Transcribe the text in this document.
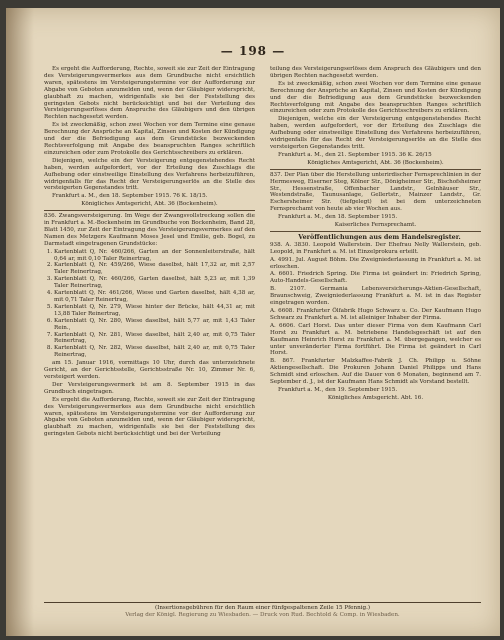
— 198 —

Es ergeht die Aufforderung, Rechte, soweit sie zur Zeit der Eintragung des Versteigerungsvermerkes aus dem Grundbuche nicht ersichtlich waren, spätestens im Versteigerungstermine vor der Aufforderung zur Abgabe von Geboten anzumelden und, wenn der Gläubiger widerspricht, glaubhaft zu machen, widrigenfalls sie bei der Feststellung des geringsten Gebots nicht berücksichtigt und bei der Verteilung des Versteigerungserlöses dem Anspruche des Gläubigers und den übrigen Rechten nachgesetzt werden.

Es ist zweckmäßig, schon zwei Wochen vor dem Termine eine genaue Berechnung der Ansprüche an Kapital, Zinsen und Kosten der Kündigung und der die Befriedigung aus dem Grundstücke bezweckenden Rechtsverfolgung mit Angabe des beanspruchten Ranges schriftlich einzureichen oder zum Protokolle des Gerichtsschreibers zu erklären.

Diejenigen, welche ein der Versteigerung entgegenstehendes Recht haben, werden aufgefordert, vor der Erteilung des Zuschlags die Aufhebung oder einstweilige Einstellung des Verfahrens herbeizuführen, widrigenfalls für das Recht der Versteigerungserlös an die Stelle des versteigerten Gegenstandes tritt.

Frankfurt a. M., den 18. September 1915. 76 K. 18/15.

Königliches Amtsgericht, Abt. 36 (Bockenheim).

836. Zwangsversteigerung. Im Wege der Zwangsvollstreckung sollen die in Frankfurt a. M.-Bockenheim im Grundbuche von Bockenheim, Band 28, Blatt 1450, zur Zeit der Eintragung des Versteigerungsvermerkes auf den Namen des Metzgers Kaufmann Moses Jesel und Emilie, geb. Bogel, zu Darmstadt eingetragenen Grundstücke:

1. Kartenblatt Q, Nr. 460/266, Garten an der Sonnenleiterstraße, hält 0,64 ar, mit 0,10 Taler Reinertrag,
2. Kartenblatt Q, Nr. 459/266, Wiese daselbst, hält 17,32 ar, mit 2,57 Taler Reinertrag,
3. Kartenblatt Q, Nr. 460/266, Garten daselbst, hält 5,23 ar, mit 1,39 Taler Reinertrag,
4. Kartenblatt Q, Nr. 461/266, Wiese und Garten daselbst, hält 4,38 ar, mit 0,71 Taler Reinertrag,
5. Kartenblatt Q, Nr. 279, Wiese hinter der Brücke, hält 44,31 ar, mit 13,88 Taler Reinertrag,
6. Kartenblatt Q, Nr. 280, Wiese daselbst, hält 5,77 ar, mit 1,43 Taler Rein.,
7. Kartenblatt Q, Nr. 281, Wiese daselbst, hält 2,40 ar, mit 0,75 Taler Reinertrag,
8. Kartenblatt Q, Nr. 282, Wiese daselbst, hält 2,40 ar, mit 0,75 Taler Reinertrag,

am 15. Januar 1916, vormittags 10 Uhr, durch das unterzeichnete Gericht, an der Gerichtsstelle, Gerichtsstraße Nr. 10, Zimmer Nr. 6, versteigert werden.

Der Versteigerungsvermerk ist am 8. September 1915 in das Grundbuch eingetragen.

Es ergeht die Aufforderung, Rechte, soweit sie zur Zeit der Eintragung des Versteigerungsvermerkes aus dem Grundbuche nicht ersichtlich waren, spätestens im Versteigerungstermine vor der Aufforderung zur Abgabe von Geboten anzumelden und, wenn der Gläubiger widerspricht, glaubhaft zu machen, widrigenfalls sie bei der Feststellung des geringsten Gebots nicht berücksichtigt und bei der Verteilung

teilung des Versteigerungserlöses dem Anspruch des Gläubigers und den übrigen Rechten nachgesetzt werden.

Es ist zweckmäßig, schon zwei Wochen vor dem Termine eine genaue Berechnung der Ansprüche an Kapital, Zinsen und Kosten der Kündigung und der die Befriedigung aus dem Grundstücke bezweckenden Rechtsverfolgung mit Angabe des beanspruchten Ranges schriftlich einzureichen oder zum Protokolle des Gerichtsschreibers zu erklären.

Diejenigen, welche ein der Versteigerung entgegenstehendes Recht haben, werden aufgefordert, vor der Erteilung des Zuschlags die Aufhebung oder einstweilige Einstellung des Verfahrens herbeizuführen, widrigenfalls für das Recht der Versteigerungserlös an die Stelle des versteigerten Gegenstandes tritt.

Frankfurt a. M., den 21. September 1915. 36 K. 26/15

Königliches Amtsgericht, Abt. 36 (Bockenheim).

837. Der Plan über die Herstellung unterirdischer Fernsprechlinien in der Hermesweg, Eiserner Steg, Kölner Str., Dönigheimer Str., Bischofsheimer Str., Hessenstraße, Offenbacher Landstr., Gelnhäuser Str., Westendstraße, Taunusanlage, Gellertstr., Mainzer Landstr., Gr. Eschersheimer Str. (tiefgelegt) ist bei dem unterzeichneten Fernsprechamt von heute ab vier Wochen aus.

Frankfurt a. M., den 18. September 1915.

Kaiserliches Fernsprechamt.

Veröffentlichungen aus dem Handelsregister.

938. A. 3830. Leopold Wallerstein. Der Ehefrau Nelly Wallerstein, geb. Leopold, in Frankfurt a. M. ist Einzelprokura erteilt.

A. 4991. Jul. August Böhm. Die Zweigniederlassung in Frankfurt a. M. ist erloschen.

A. 6601. Friedrich Spring. Die Firma ist geändert in: Friedrich Spring, Auto-Handels-Gesellschaft.

B. 2107. Germania Lebensversicherungs-Aktien-Gesellschaft, Braunschweig, Zweigniederlassung Frankfurt a. M. ist in das Register eingetragen worden.

A. 6608. Frankfurter Ölfabrik Hugo Schwarz u. Co. Der Kaufmann Hugo Schwarz zu Frankfurt a. M. ist alleiniger Inhaber der Firma.

A. 6606. Carl Horst. Das unter dieser Firma von dem Kaufmann Carl Horst zu Frankfurt a. M. betriebene Handelsgeschäft ist auf den Kaufmann Heinrich Horst zu Frankfurt a. M. übergegangen, welcher es unter unveränderter Firma fortführt. Die Firma ist geändert in Carl Horst.

B. 867. Frankfurter Malzkaffee-Fabrik J. Ch. Philipp u. Söhne Aktiengesellschaft. Die Prokuren Johann Daniel Philipps und Hans Schmidt sind erloschen. Auf die Dauer von 6 Monaten, beginnend am 7. September d. J., ist der Kaufmann Hans Schmidt als Vorstand bestellt.

Frankfurt a. M., den 19. September 1915.

Königliches Amtsgericht. Abt. 16.

(Insertionsgebühren für den Raum einer fünfgespaltenen Zeile 15 Pfennig.)
Verlag der Königl. Regierung zu Wiesbaden. — Druck von Rud. Bechtold & Comp. in Wiesbaden.
